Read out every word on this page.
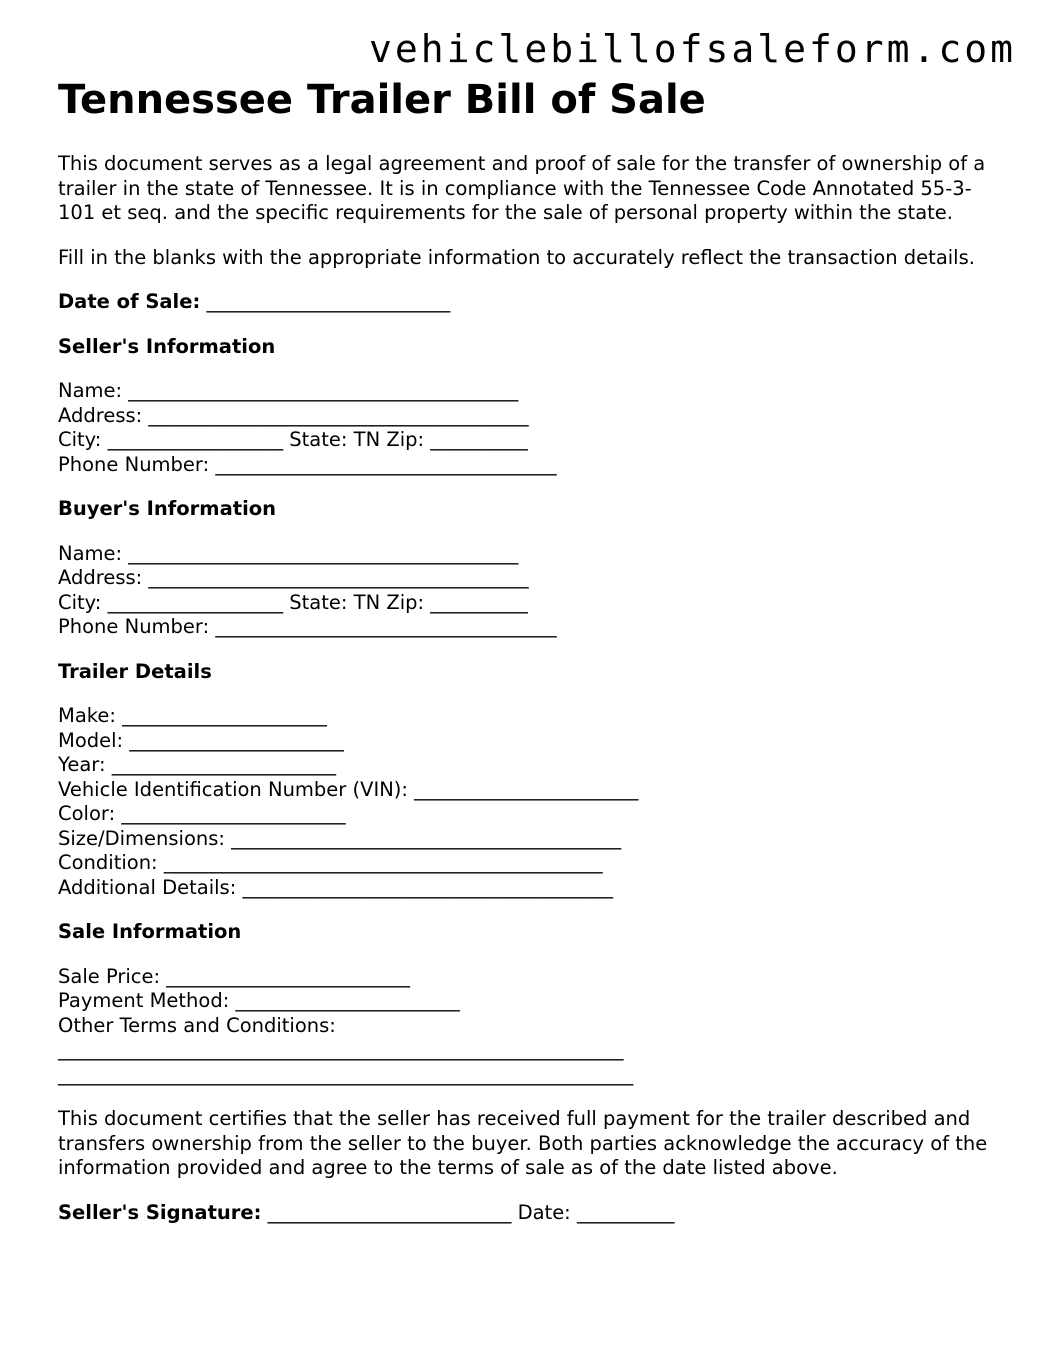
vehiclebillofsaleform.com
Tennessee Trailer Bill of Sale

This document serves as a legal agreement and proof of sale for the transfer of ownership of a trailer in the state of Tennessee. It is in compliance with the Tennessee Code Annotated 55-3-101 et seq. and the specific requirements for the sale of personal property within the state.

Fill in the blanks with the appropriate information to accurately reflect the transaction details.

Date of Sale: _________________________

Seller's Information

Name: ________________________________________
Address: _______________________________________
City: __________________ State: TN Zip: __________
Phone Number: ___________________________________

Buyer's Information

Name: ________________________________________
Address: _______________________________________
City: __________________ State: TN Zip: __________
Phone Number: ___________________________________

Trailer Details

Make: _____________________
Model: ______________________
Year: _______________________
Vehicle Identification Number (VIN): _______________________
Color: _______________________
Size/Dimensions: ________________________________________
Condition: _____________________________________________
Additional Details: ______________________________________

Sale Information

Sale Price: _________________________
Payment Method: _______________________
Other Terms and Conditions:
__________________________________________________________
___________________________________________________________

This document certifies that the seller has received full payment for the trailer described and transfers ownership from the seller to the buyer. Both parties acknowledge the accuracy of the information provided and agree to the terms of sale as of the date listed above.

Seller's Signature: _________________________ Date: __________
